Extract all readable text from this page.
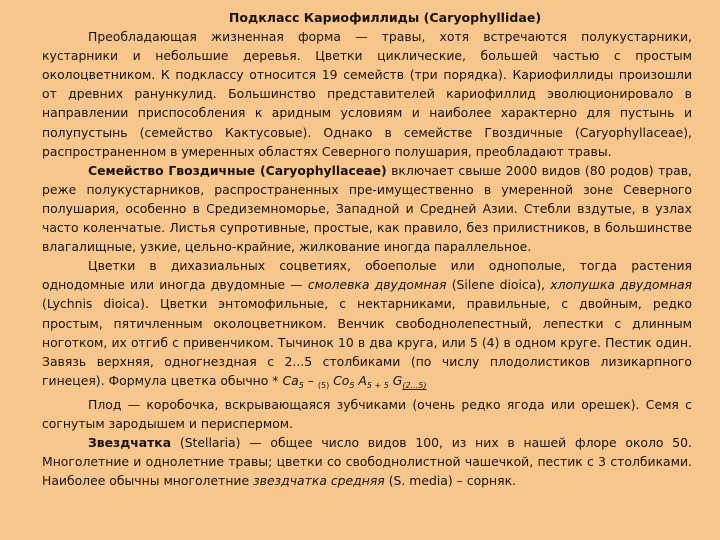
Подкласс Кариофиллиды (Caryophyllidae)

Преобладающая жизненная форма — травы, хотя встречаются полукустарники, кустарники и небольшие деревья. Цветки циклические, большей частью с простым околоцветником. К подклассу относится 19 семейств (три порядка). Кариофиллиды произошли от древних ранункулид. Большинство представителей кариофиллид эволюционировало в направлении приспособления к аридным условиям и наиболее характерно для пустынь и полупустынь (семейство Кактусовые). Однако в семействе Гвоздичные (Caryophyllaceae), распространенном в умеренных областях Северного полушария, преобладают травы.

Семейство Гвоздичные (Caryophyllaceae) включает свыше 2000 видов (80 родов) трав, реже полукустарников, распространенных пре-имущественно в умеренной зоне Северного полушария, особенно в Средиземноморье, Западной и Средней Азии. Стебли вздутые, в узлах часто коленчатые. Листья супротивные, простые, как правило, без прилистников, в большинстве влагалищные, узкие, цельно-крайние, жилкование иногда параллельное.

Цветки в дихазиальных соцветиях, обоеполые или однополые, тогда растения однодомные или иногда двудомные — смолевка двудомная (Silene dioica), хлопушка двудомная (Lychnis dioica). Цветки энтомофильные, с нектарниками, правильные, с двойным, редко простым, пятичленным околоцветником. Венчик свободнолепестный, лепестки с длинным ноготком, их отгиб с привенчиком. Тычинок 10 в два круга, или 5 (4) в одном круге. Пестик один. Завязь верхняя, одногнездная с 2...5 столбиками (по числу плодолистиков лизикарпного гинецея). Формула цветка обычно * $Ca_5 - _{(5)}$ $Co_5$ $A_{5 + 5}$ $G_{(2...5)}$

Плод — коробочка, вскрывающаяся зубчиками (очень редко ягода или орешек). Семя с согнутым зародышем и периспермом.

Звездчатка (Stellaria) — общее число видов 100, из них в нашей флоре около 50. Многолетние и однолетние травы; цветки со свободнолистной чашечкой, пестик с 3 столбиками. Наиболее обычны многолетние звездчатка средняя (S. media) – сорняк.
